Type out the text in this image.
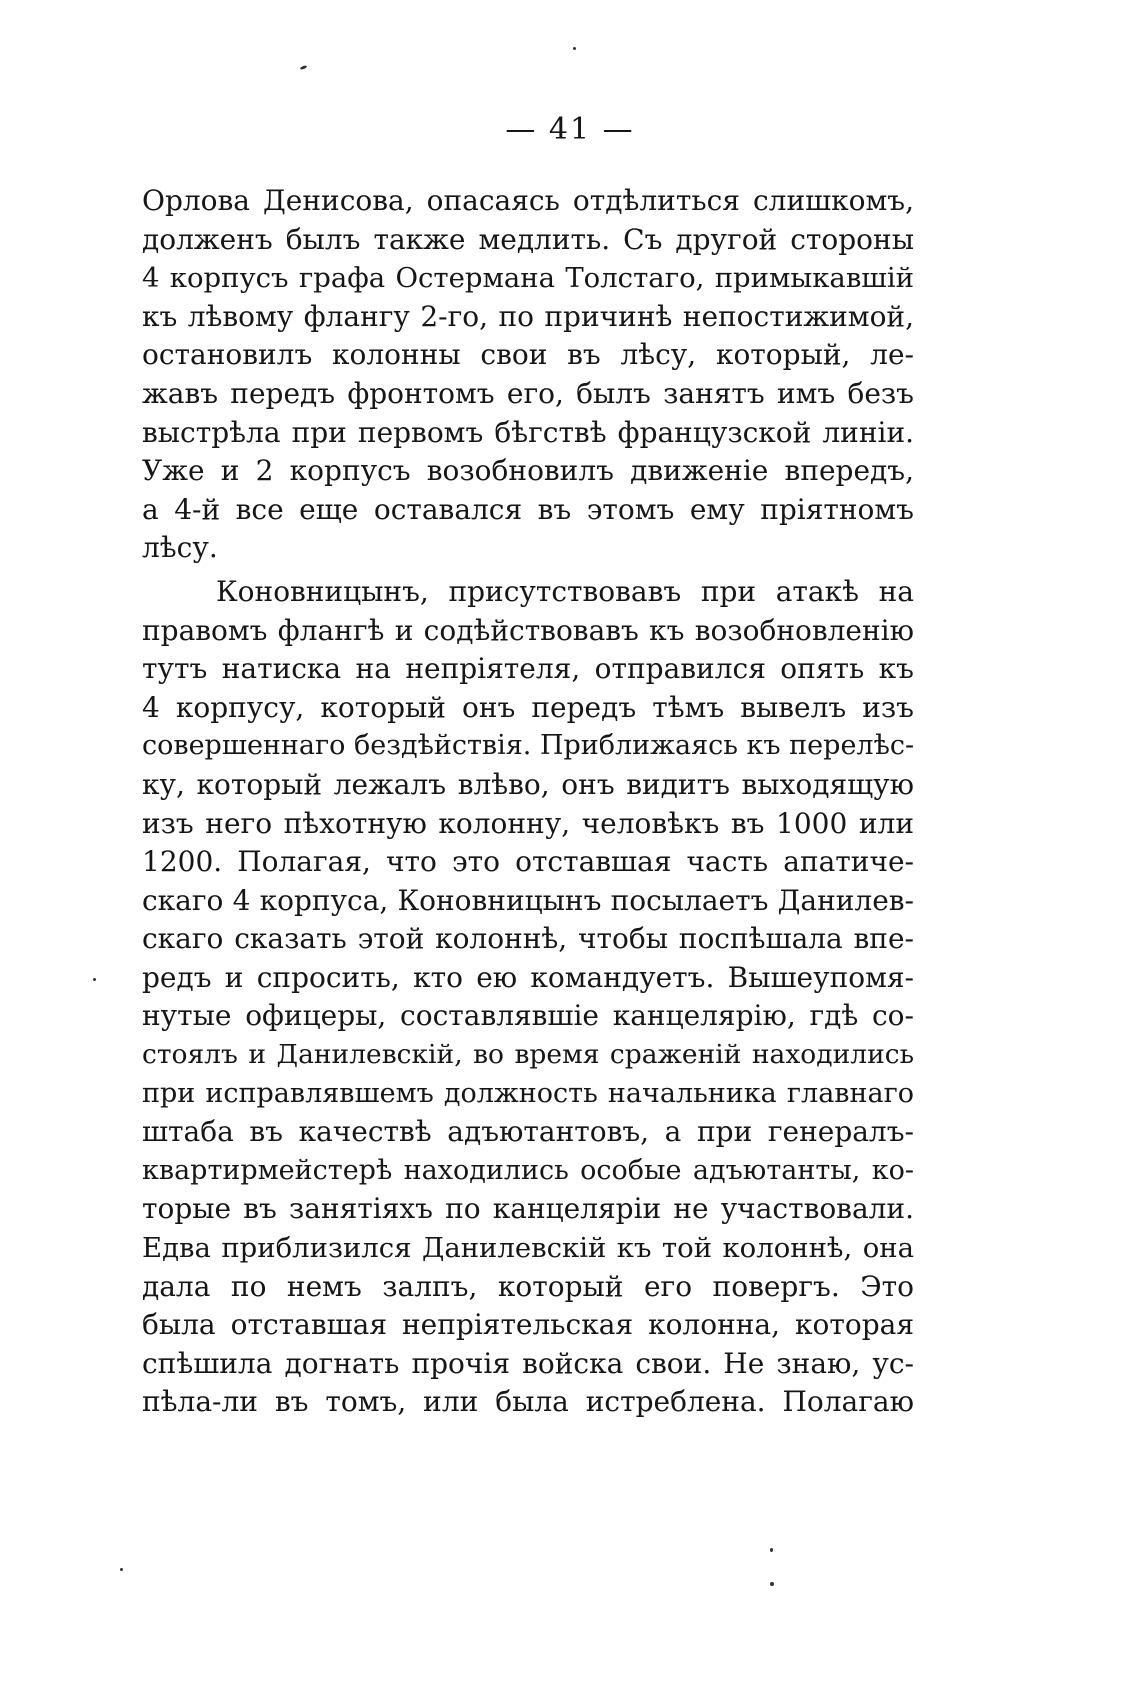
— 41 —
Орлова Денисова, опасаясь отдѣлиться слишкомъ,
долженъ былъ также медлить. Съ другой стороны
4 корпусъ графа Остермана Толстаго, примыкавшій
къ лѣвому флангу 2-го, по причинѣ непостижимой,
остановилъ колонны свои въ лѣсу, который, ле-
жавъ передъ фронтомъ его, былъ занятъ имъ безъ
выстрѣла при первомъ бѣгствѣ французской линіи.
Уже и 2 корпусъ возобновилъ движеніе впередъ,
а 4-й все еще оставался въ этомъ ему пріятномъ
лѣсу.
Коновницынъ, присутствовавъ при атакѣ на
правомъ флангѣ и содѣйствовавъ къ возобновленію
тутъ натиска на непріятеля, отправился опять къ
4 корпусу, который онъ передъ тѣмъ вывелъ изъ
совершеннаго бездѣйствія. Приближаясь къ перелѣс-
ку, который лежалъ влѣво, онъ видитъ выходящую
изъ него пѣхотную колонну, человѣкъ въ 1000 или
1200. Полагая, что это отставшая часть апатиче-
скаго 4 корпуса, Коновницынъ посылаетъ Данилев-
скаго сказать этой колоннѣ, чтобы поспѣшала впе-
редъ и спросить, кто ею командуетъ. Вышеупомя-
нутые офицеры, составлявшіе канцелярію, гдѣ со-
стоялъ и Данилевскій, во время сраженій находились
при исправлявшемъ должность начальника главнаго
штаба въ качествѣ адъютантовъ, а при генералъ-
квартирмейстерѣ находились особые адъютанты, ко-
торые въ занятіяхъ по канцеляріи не участвовали.
Едва приблизился Данилевскій къ той колоннѣ, она
дала по немъ залпъ, который его повергъ. Это
была отставшая непріятельская колонна, которая
спѣшила догнать прочія войска свои. Не знаю, ус-
пѣла-ли въ томъ, или была истреблена. Полагаю
